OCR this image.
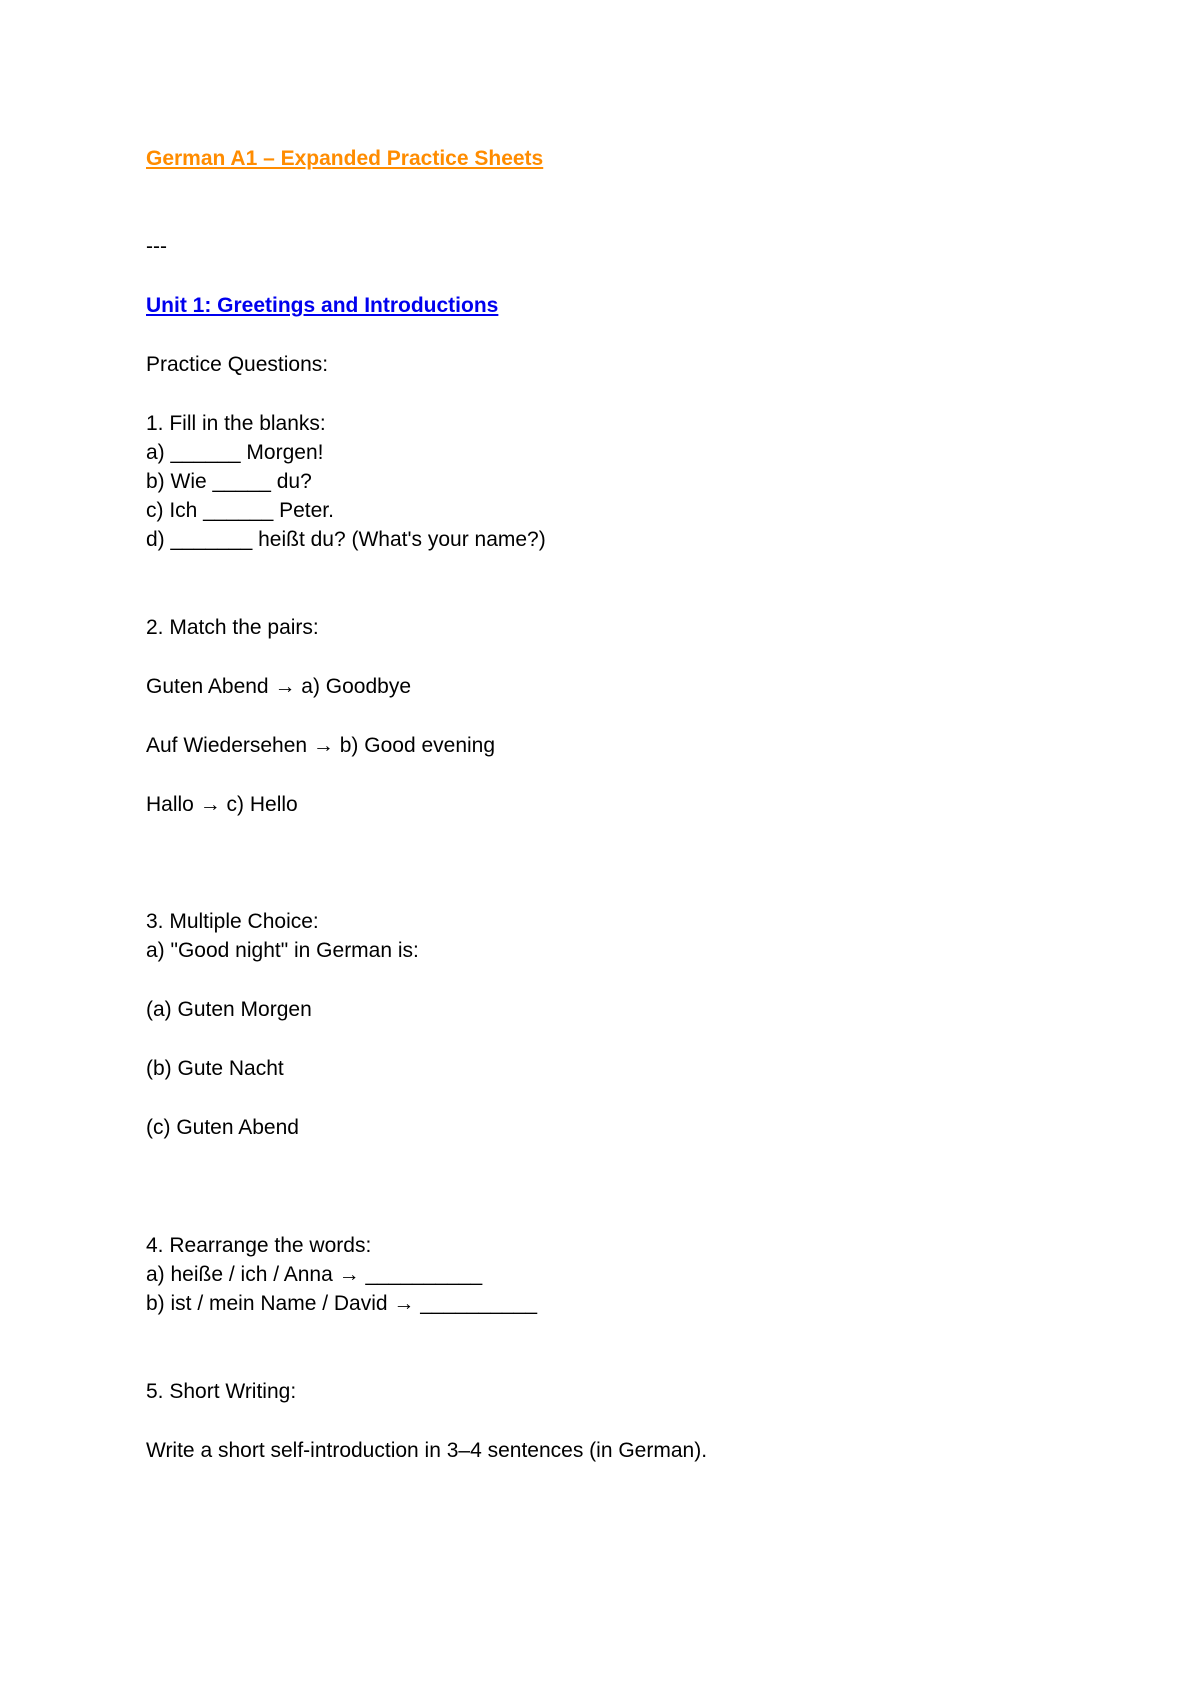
German A1 – Expanded Practice Sheets

---

Unit 1: Greetings and Introductions

Practice Questions:

1. Fill in the blanks:

a) ______ Morgen!

b) Wie _____ du?

c) Ich ______ Peter.

d) _______ heißt du? (What's your name?)

2. Match the pairs:

Guten Abend → a) Goodbye

Auf Wiedersehen → b) Good evening

Hallo → c) Hello

3. Multiple Choice:

a) "Good night" in German is:

(a) Guten Morgen

(b) Gute Nacht

(c) Guten Abend

4. Rearrange the words:

a) heiße / ich / Anna → __________

b) ist / mein Name / David → __________

5. Short Writing:

Write a short self-introduction in 3–4 sentences (in German).
